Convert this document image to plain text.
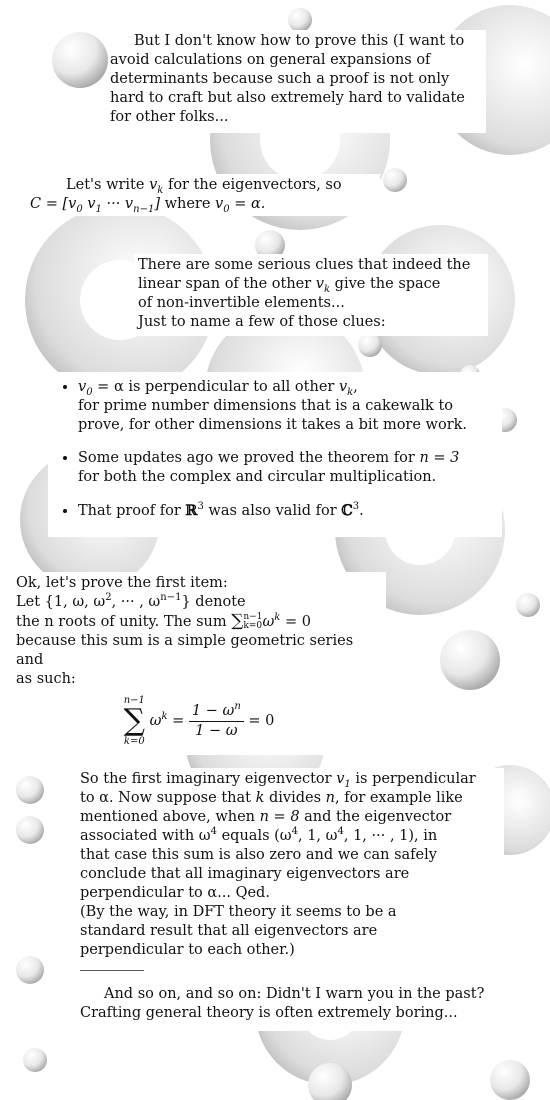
But I don't know how to prove this (I want to avoid calculations on general expansions of determinants because such a proof is not only hard to craft but also extremely hard to validate for other folks...

Let's write $v_k$ for the eigenvectors, so

$C = [v_0$ $v_1$ ··· $v_{n-1}$] where $v_0 = \alpha$.

There are some serious clues that indeed the

linear span of the other $v_k$ give the space

of non-invertible elements...

Just to name a few of those clues:

• $v_0 = \alpha$ is perpendicular to all other $v_k$,
for prime number dimensions that is a cakewalk to prove, for other dimensions it takes a bit more work.
• Some updates ago we proved the theorem for n = 3
for both the complex and circular multiplication.
• That proof for ℝ$^3$ was also valid for ℂ$^3$.

Ok, let's prove the first item:

Let {1, ω, $\omega^2$, ··· , $\omega^{n-1}$} denote

the n roots of unity. The sum ∑ n−1
k=0 $\omega^k = 0$

because this sum is a simple geometric series and

as such:

n−1
∑
k=0
$\omega^k = \frac{1 - \omega^n}{1 - \omega} = 0$

So the first imaginary eigenvector $v_1$ is perpendicular

to α. Now suppose that k divides n, for example like

mentioned above, when n = 8 and the eigenvector

associated with $\omega^4$ equals ($\omega^4$, 1, $\omega^4$, 1, ··· , 1), in

that case this sum is also zero and we can safely

conclude that all imaginary eigenvectors are

perpendicular to α... Qed.

(By the way, in DFT theory it seems to be a

standard result that all eigenvectors are

perpendicular to each other.)

And so on, and so on: Didn't I warn you in the past? Crafting general theory is often extremely boring...
